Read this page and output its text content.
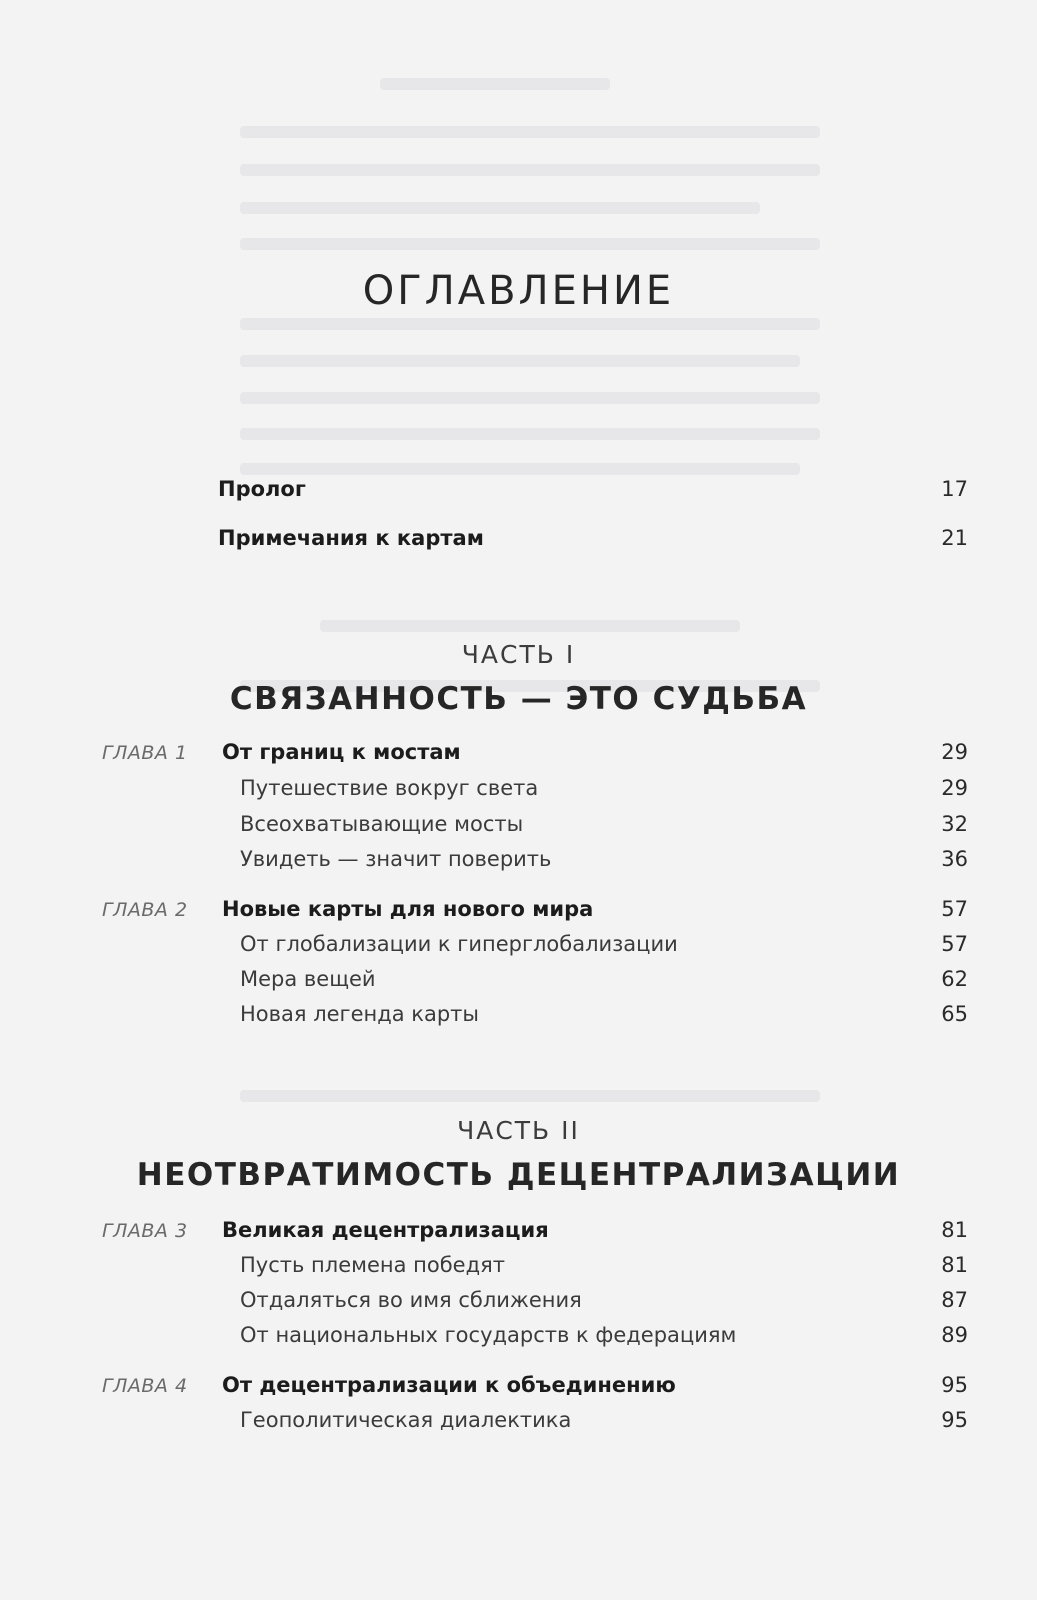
ОГЛАВЛЕНИЕ
Пролог	17
Примечания к картам	21
ЧАСТЬ I
СВЯЗАННОСТЬ — ЭТО СУДЬБА
ГЛАВА 1 От границ к мостам	29
Путешествие вокруг света	29
Всеохватывающие мосты	32
Увидеть — значит поверить	36
ГЛАВА 2 Новые карты для нового мира	57
От глобализации к гиперглобализации	57
Мера вещей	62
Новая легенда карты	65
ЧАСТЬ II
НЕОТВРАТИМОСТЬ ДЕЦЕНТРАЛИЗАЦИИ
ГЛАВА 3 Великая децентрализация	81
Пусть племена победят	81
Отдаляться во имя сближения	87
От национальных государств к федерациям	89
ГЛАВА 4 От децентрализации к объединению	95
Геополитическая диалектика	95
